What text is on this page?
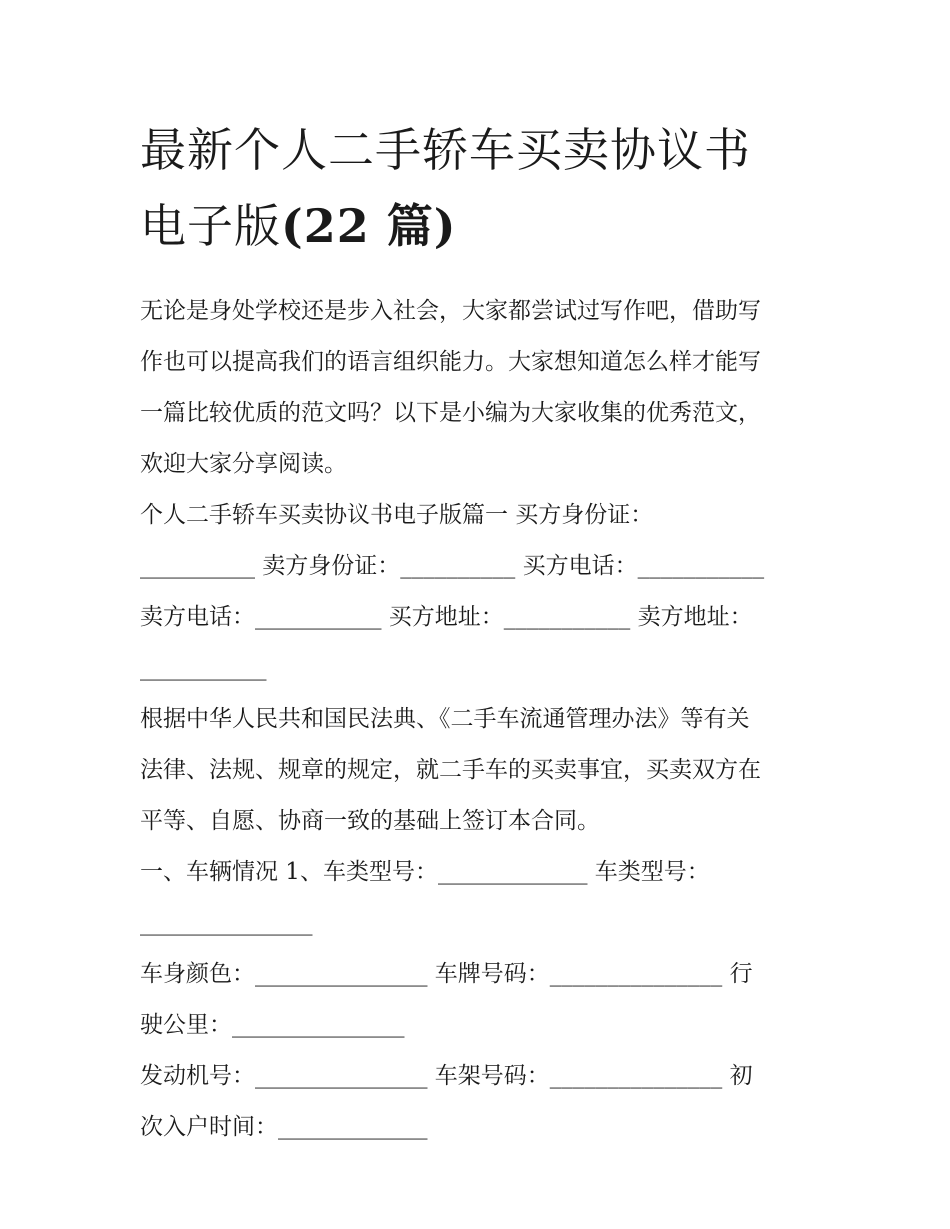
最新个人二手轿车买卖协议书
电子版(22 篇)
无论是身处学校还是步入社会，大家都尝试过写作吧，借助写
作也可以提高我们的语言组织能力。大家想知道怎么样才能写
一篇比较优质的范文吗？以下是小编为大家收集的优秀范文，
欢迎大家分享阅读。
个人二手轿车买卖协议书电子版篇一 买方身份证：
__________ 卖方身份证：__________ 买方电话：___________
卖方电话：___________ 买方地址：___________ 卖方地址：
___________
根据中华人民共和国民法典、《二手车流通管理办法》等有关
法律、法规、规章的规定，就二手车的买卖事宜，买卖双方在
平等、自愿、协商一致的基础上签订本合同。
一、车辆情况 1、车类型号：_____________ 车类型号：
_______________
车身颜色：_______________ 车牌号码：_______________ 行
驶公里：_______________
发动机号：_______________ 车架号码：_______________ 初
次入户时间：_____________
